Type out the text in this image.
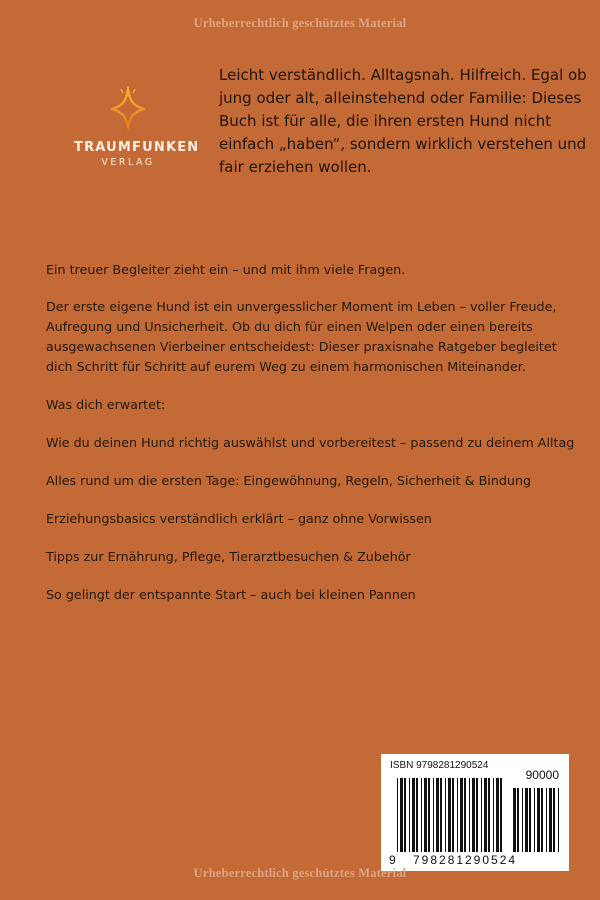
Urheberrechtlich geschütztes Material
TRAUMFUNKEN
VERLAG

Leicht verständlich. Alltagsnah. Hilfreich. Egal ob jung oder alt, alleinstehend oder Familie: Dieses Buch ist für alle, die ihren ersten Hund nicht einfach „haben“, sondern wirklich verstehen und fair erziehen wollen.

Ein treuer Begleiter zieht ein – und mit ihm viele Fragen.

Der erste eigene Hund ist ein unvergesslicher Moment im Leben – voller Freude, Aufregung und Unsicherheit. Ob du dich für einen Welpen oder einen bereits ausgewachsenen Vierbeiner entscheidest: Dieser praxisnahe Ratgeber begleitet dich Schritt für Schritt auf eurem Weg zu einem harmonischen Miteinander.

Was dich erwartet:

Wie du deinen Hund richtig auswählst und vorbereitest – passend zu deinem Alltag

Alles rund um die ersten Tage: Eingewöhnung, Regeln, Sicherheit & Bindung

Erziehungsbasics verständlich erklärt – ganz ohne Vorwissen

Tipps zur Ernährung, Pflege, Tierarztbesuchen & Zubehör

So gelingt der entspannte Start – auch bei kleinen Pannen

ISBN 9798281290524
90000
9 798281 290524
Urheberrechtlich geschütztes Material
